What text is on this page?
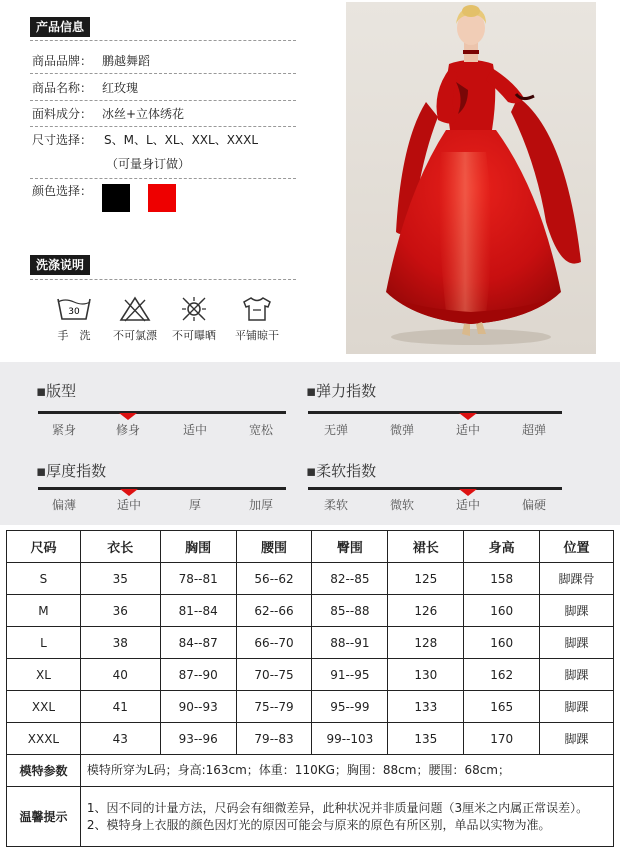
产品信息
商品品牌： 鹏越舞蹈
商品名称： 红玫瑰
面料成分： 冰丝+立体绣花
尺寸选择： S、M、L、XL、XXL、XXXL
（可量身订做）
颜色选择：
洗涤说明
30
手　洗	不可氯漂	不可曝晒	平铺晾干
▪版型
紧身	修身	适中	宽松
▪弹力指数
无弹	微弹	适中	超弹
▪厚度指数
偏薄	适中	厚	加厚
▪柔软指数
柔软	微软	适中	偏硬
尺码	衣长	胸围	腰围	臀围	裙长	身高	位置
S	35	78--81	56--62	82--85	125	158	脚踝骨
M	36	81--84	62--66	85--88	126	160	脚踝
L	38	84--87	66--70	88--91	128	160	脚踝
XL	40	87--90	70--75	91--95	130	162	脚踝
XXL	41	90--93	75--79	95--99	133	165	脚踝
XXXL	43	93--96	79--83	99--103	135	170	脚踝
模特参数	模特所穿为L码；身高:163cm；体重：110KG；胸围：88cm；腰围：68cm；						
温馨提示	1、因不同的计量方法，尺码会有细微差异，此种状况并非质量问题（3厘米之内属正常误差）。
2、模特身上衣服的颜色因灯光的原因可能会与原来的原色有所区别，单品以实物为准。						
